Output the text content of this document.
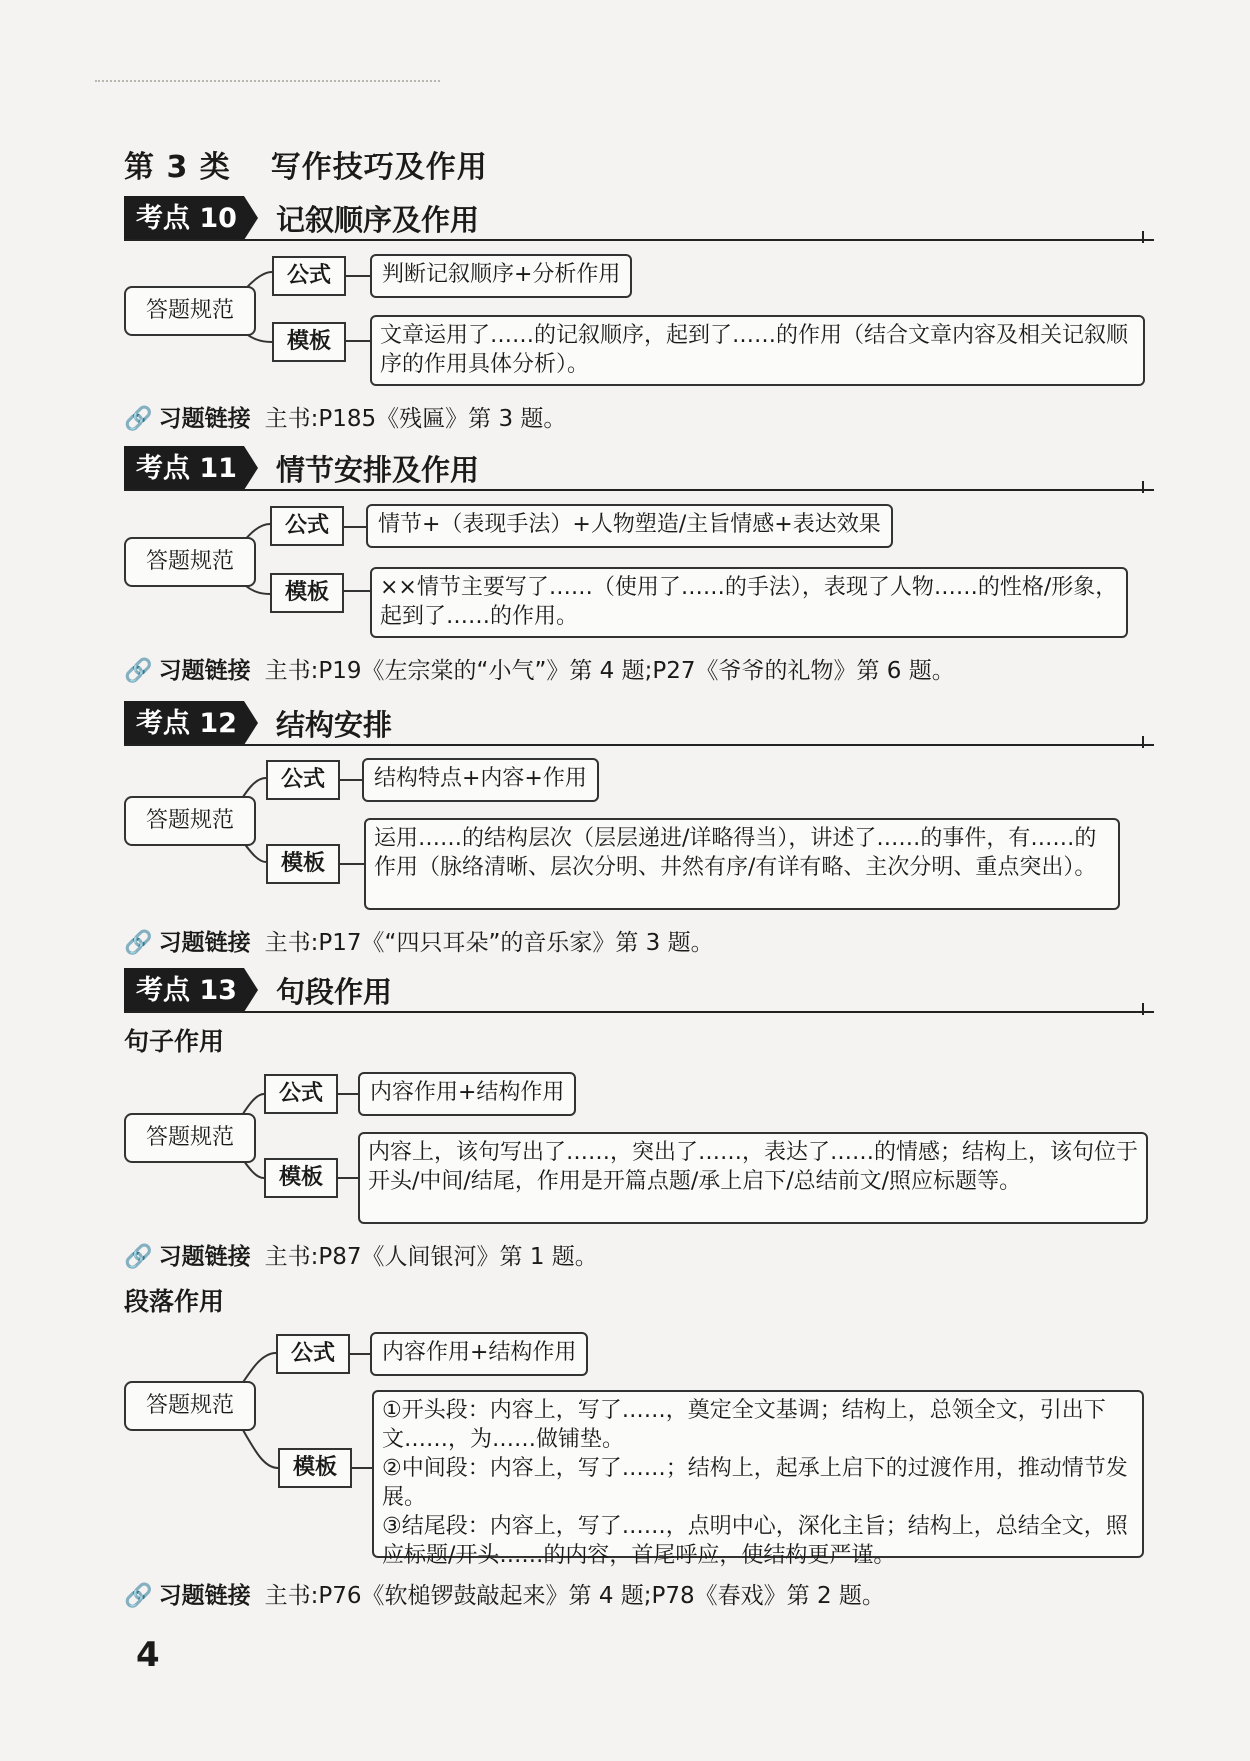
第 3 类 写作技巧及作用
考点 10 记叙顺序及作用
答题规范
公式
模板
判断记叙顺序+分析作用
文章运用了……的记叙顺序，起到了……的作用（结合文章内容及相关记叙顺序的作用具体分析）。
🔗 习题链接 主书:P185《残匾》第 3 题。
考点 11 情节安排及作用
答题规范
公式
模板
情节+（表现手法）+人物塑造/主旨情感+表达效果
××情节主要写了……（使用了……的手法），表现了人物……的性格/形象，起到了……的作用。
🔗 习题链接 主书:P19《左宗棠的“小气”》第 4 题;P27《爷爷的礼物》第 6 题。
考点 12 结构安排
答题规范
公式
模板
结构特点+内容+作用
运用……的结构层次（层层递进/详略得当），讲述了……的事件，有……的作用（脉络清晰、层次分明、井然有序/有详有略、主次分明、重点突出）。
🔗 习题链接 主书:P17《“四只耳朵”的音乐家》第 3 题。
考点 13 句段作用
句子作用
答题规范
公式
模板
内容作用+结构作用
内容上，该句写出了……，突出了……，表达了……的情感；结构上，该句位于开头/中间/结尾，作用是开篇点题/承上启下/总结前文/照应标题等。
🔗 习题链接 主书:P87《人间银河》第 1 题。
段落作用
答题规范
公式
模板
内容作用+结构作用
①开头段：内容上，写了……，奠定全文基调；结构上，总领全文，引出下文……，为……做铺垫。
②中间段：内容上，写了……；结构上，起承上启下的过渡作用，推动情节发展。
③结尾段：内容上，写了……，点明中心，深化主旨；结构上，总结全文，照应标题/开头……的内容，首尾呼应，使结构更严谨。
🔗 习题链接 主书:P76《软槌锣鼓敲起来》第 4 题;P78《春戏》第 2 题。
4
